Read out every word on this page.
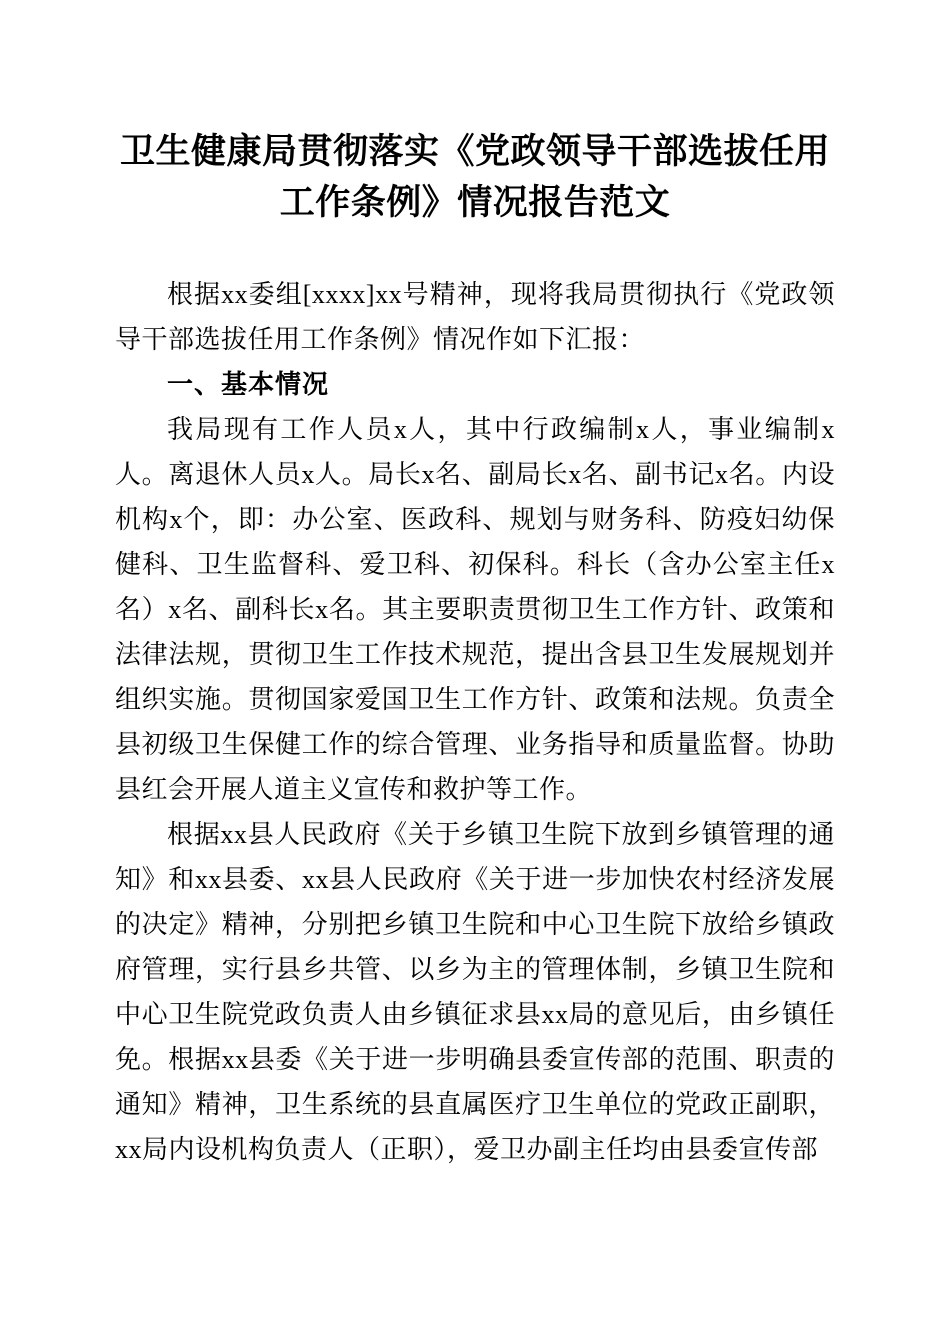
卫生健康局贯彻落实《党政领导干部选拔任用工作条例》情况报告范文

根据xx委组[xxxx]xx号精神，现将我局贯彻执行《党政领导干部选拔任用工作条例》情况作如下汇报：

一、基本情况

我局现有工作人员x人，其中行政编制x人，事业编制x人。离退休人员x人。局长x名、副局长x名、副书记x名。内设机构x个，即：办公室、医政科、规划与财务科、防疫妇幼保健科、卫生监督科、爱卫科、初保科。科长（含办公室主任x名）x名、副科长x名。其主要职责贯彻卫生工作方针、政策和法律法规，贯彻卫生工作技术规范，提出含县卫生发展规划并组织实施。贯彻国家爱国卫生工作方针、政策和法规。负责全县初级卫生保健工作的综合管理、业务指导和质量监督。协助县红会开展人道主义宣传和救护等工作。

根据xx县人民政府《关于乡镇卫生院下放到乡镇管理的通知》和xx县委、xx县人民政府《关于进一步加快农村经济发展的决定》精神，分别把乡镇卫生院和中心卫生院下放给乡镇政府管理，实行县乡共管、以乡为主的管理体制，乡镇卫生院和中心卫生院党政负责人由乡镇征求县xx局的意见后，由乡镇任免。根据xx县委《关于进一步明确县委宣传部的范围、职责的通知》精神，卫生系统的县直属医疗卫生单位的党政正副职，xx局内设机构负责人（正职），爱卫办副主任均由县委宣传部
